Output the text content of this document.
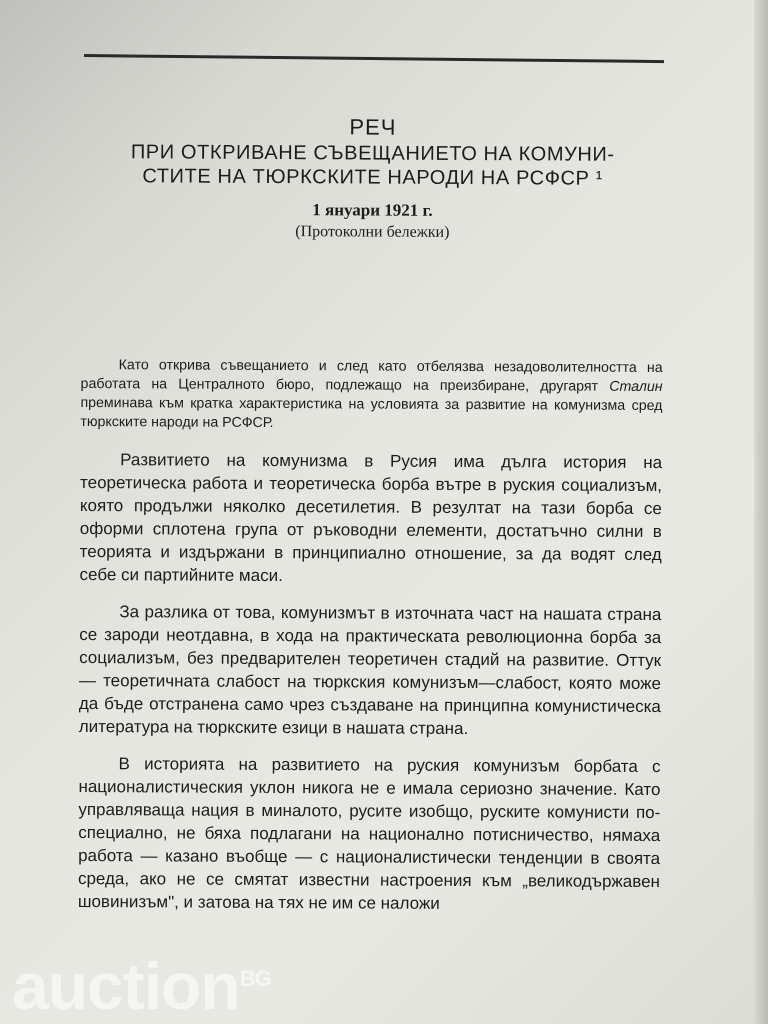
РЕЧ

ПРИ ОТКРИВАНЕ СЪВЕЩАНИЕТО НА КОМУНИ-

СТИТЕ НА ТЮРКСКИТЕ НАРОДИ НА РСФСР ¹

1 януари 1921 г.

(Протоколни бележки)

Като открива съвещанието и след като отбелязва незадоволителността на работата на Централното бюро, подлежащо на преизбиране, другарят Сталин преминава към кратка характеристика на условията за развитие на комунизма сред тюркските народи на РСФСР.

Развитието на комунизма в Русия има дълга история на теоретическа работа и теоретическа борба вътре в руския социализъм, която продължи няколко десетилетия. В резултат на тази борба се оформи сплотена група от ръководни елементи, достатъчно силни в теорията и издържани в принципиално отношение, за да водят след себе си партийните маси.

За разлика от това, комунизмът в източната част на нашата страна се зароди неотдавна, в хода на практическата революционна борба за социализъм, без предварителен теоретичен стадий на развитие. Оттук — теоретичната слабост на тюркския комунизъм—слабост, която може да бъде отстранена само чрез създаване на принципна комунистическа литература на тюркските езици в нашата страна.

В историята на развитието на руския комунизъм борбата с националистическия уклон никога не е имала сериозно значение. Като управляваща нация в миналото, руситe изобщо, руските комунисти по-специално, не бяха подлагани на национално потисничество, нямаха работа — казано въобще — с националистически тенденции в своята среда, ако не се смятат известни настроения към „великодържавен шовинизъм", и затова на тях не им се наложи

auction$^{BG}$
